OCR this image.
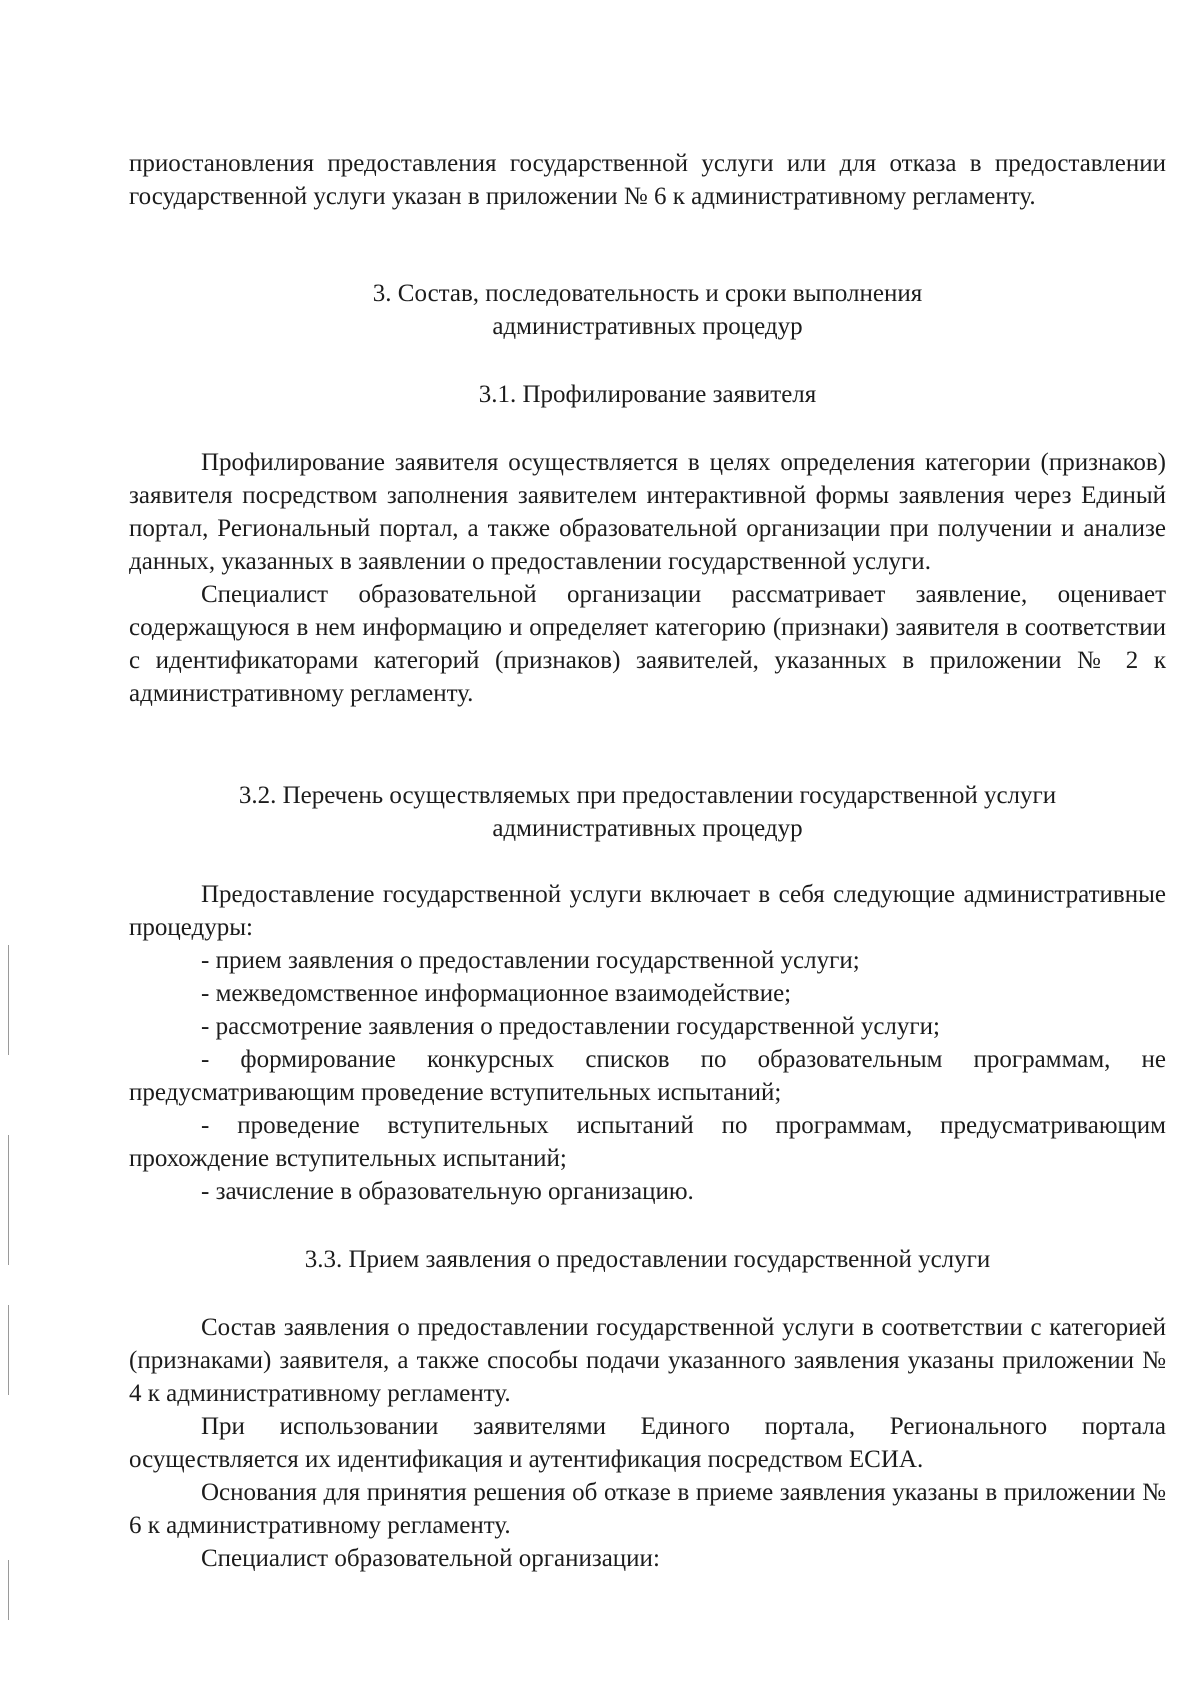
приостановления предоставления государственной услуги или для отказа в предоставлении государственной услуги указан в приложении № 6 к административному регламенту.

3. Состав, последовательность и сроки выполнения

административных процедур

3.1. Профилирование заявителя

Профилирование заявителя осуществляется в целях определения категории (признаков) заявителя посредством заполнения заявителем интерактивной формы заявления через Единый портал, Региональный портал, а также образовательной организации при получении и анализе данных, указанных в заявлении о предоставлении государственной услуги.

Специалист образовательной организации рассматривает заявление, оценивает содержащуюся в нем информацию и определяет категорию (признаки) заявителя в соответствии с идентификаторами категорий (признаков) заявителей, указанных в приложении № 2 к административному регламенту.

3.2. Перечень осуществляемых при предоставлении государственной услуги

административных процедур

Предоставление государственной услуги включает в себя следующие административные процедуры:

- прием заявления о предоставлении государственной услуги;

- межведомственное информационное взаимодействие;

- рассмотрение заявления о предоставлении государственной услуги;

- формирование конкурсных списков по образовательным программам, не предусматривающим проведение вступительных испытаний;

- проведение вступительных испытаний по программам, предусматривающим прохождение вступительных испытаний;

- зачисление в образовательную организацию.

3.3. Прием заявления о предоставлении государственной услуги

Состав заявления о предоставлении государственной услуги в соответствии с категорией (признаками) заявителя, а также способы подачи указанного заявления указаны приложении № 4 к административному регламенту.

При использовании заявителями Единого портала, Регионального портала осуществляется их идентификация и аутентификация посредством ЕСИА.

Основания для принятия решения об отказе в приеме заявления указаны в приложении № 6 к административному регламенту.

Специалист образовательной организации:
